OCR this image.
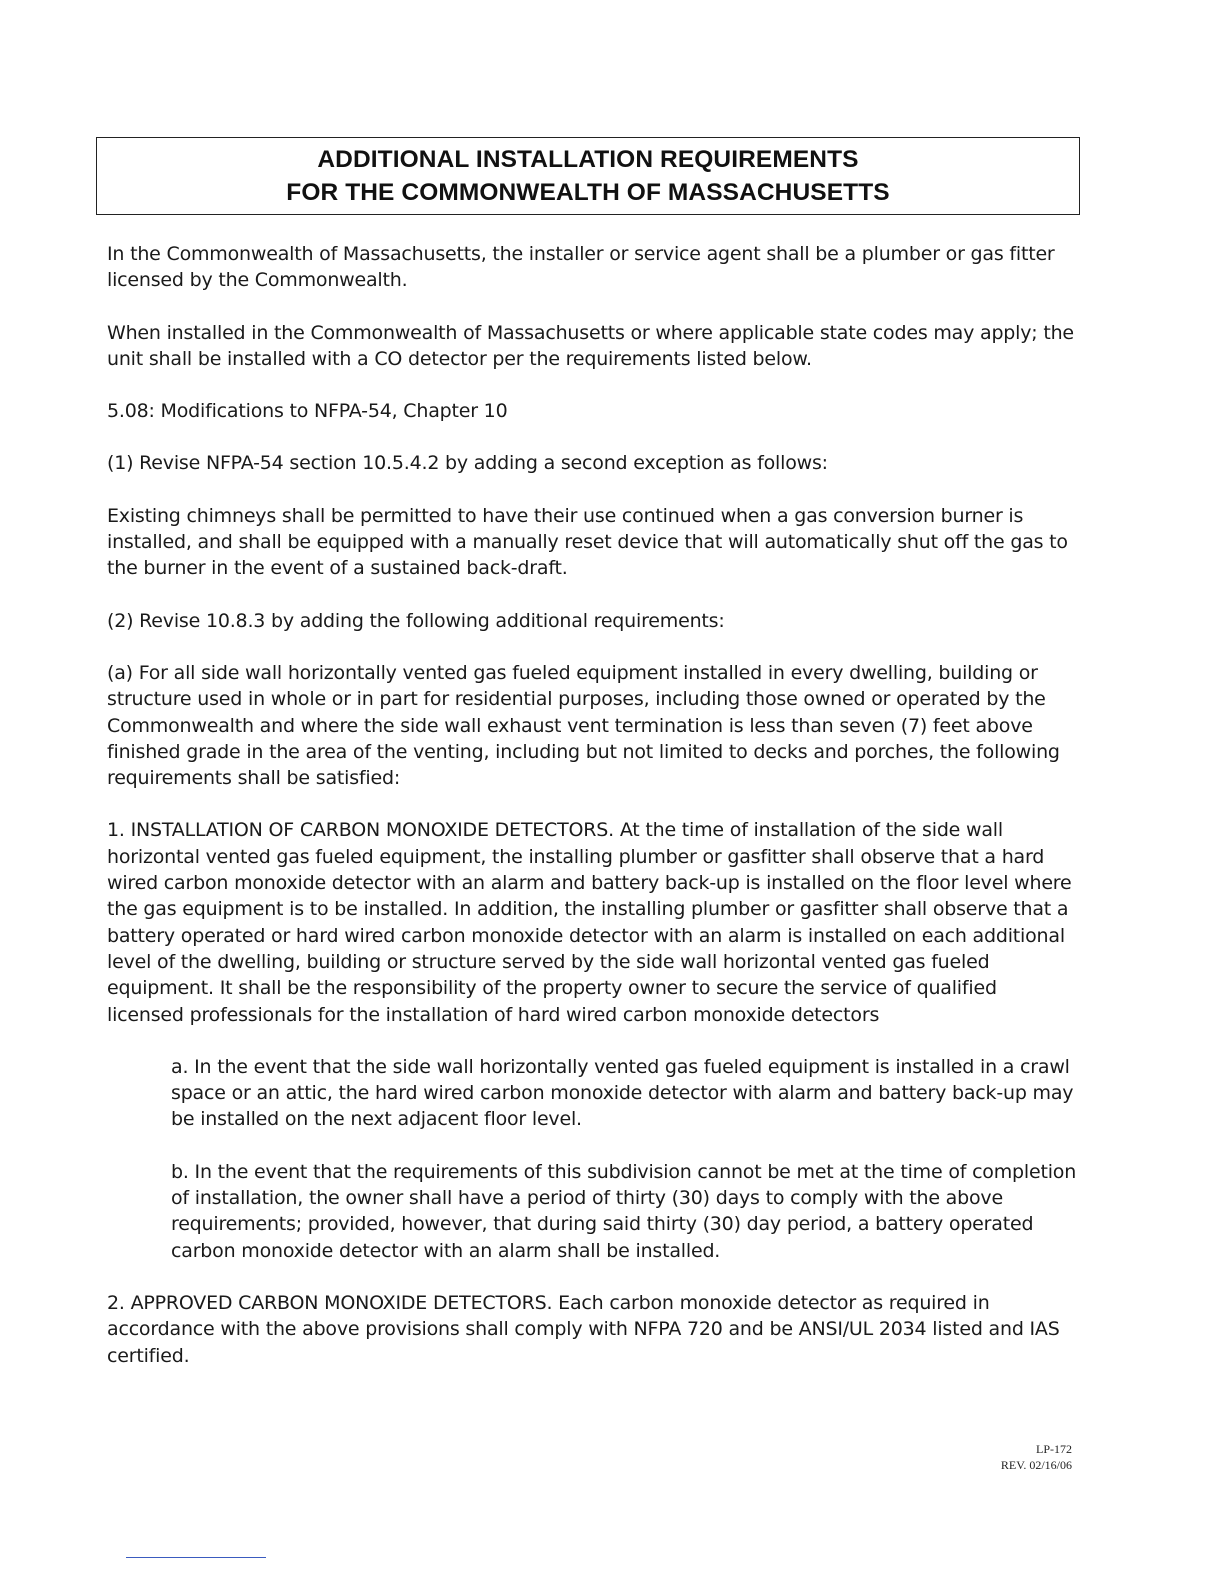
ADDITIONAL INSTALLATION REQUIREMENTS
FOR THE COMMONWEALTH OF MASSACHUSETTS

In the Commonwealth of Massachusetts, the installer or service agent shall be a plumber or gas fitter licensed by the Commonwealth.

When installed in the Commonwealth of Massachusetts or where applicable state codes may apply; the unit shall be installed with a CO detector per the requirements listed below.

5.08: Modifications to NFPA-54, Chapter 10

(1) Revise NFPA-54 section 10.5.4.2 by adding a second exception as follows:

Existing chimneys shall be permitted to have their use continued when a gas conversion burner is installed, and shall be equipped with a manually reset device that will automatically shut off the gas to the burner in the event of a sustained back-draft.

(2) Revise 10.8.3 by adding the following additional requirements:

(a) For all side wall horizontally vented gas fueled equipment installed in every dwelling, building or structure used in whole or in part for residential purposes, including those owned or operated by the Commonwealth and where the side wall exhaust vent termination is less than seven (7) feet above finished grade in the area of the venting, including but not limited to decks and porches, the following requirements shall be satisfied:

1. INSTALLATION OF CARBON MONOXIDE DETECTORS. At the time of installation of the side wall horizontal vented gas fueled equipment, the installing plumber or gasfitter shall observe that a hard wired carbon monoxide detector with an alarm and battery back-up is installed on the floor level where the gas equipment is to be installed. In addition, the installing plumber or gasfitter shall observe that a battery operated or hard wired carbon monoxide detector with an alarm is installed on each additional level of the dwelling, building or structure served by the side wall horizontal vented gas fueled equipment. It shall be the responsibility of the property owner to secure the service of qualified licensed professionals for the installation of hard wired carbon monoxide detectors

a. In the event that the side wall horizontally vented gas fueled equipment is installed in a crawl space or an attic, the hard wired carbon monoxide detector with alarm and battery back-up may be installed on the next adjacent floor level.

b. In the event that the requirements of this subdivision cannot be met at the time of completion of installation, the owner shall have a period of thirty (30) days to comply with the above requirements; provided, however, that during said thirty (30) day period, a battery operated carbon monoxide detector with an alarm shall be installed.

2. APPROVED CARBON MONOXIDE DETECTORS. Each carbon monoxide detector as required in accordance with the above provisions shall comply with NFPA 720 and be ANSI/UL 2034 listed and IAS certified.

LP-172
REV. 02/16/06
